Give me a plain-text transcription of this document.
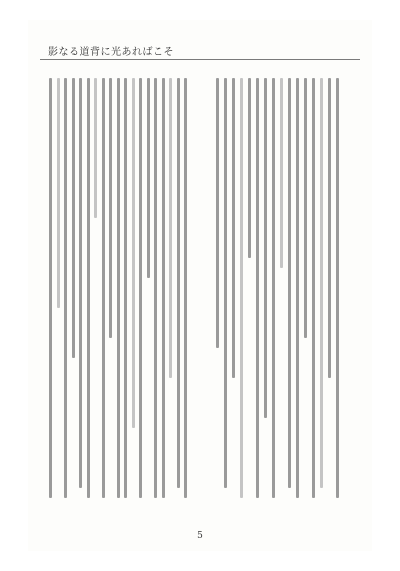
影なる道背に光あればこそ
5
